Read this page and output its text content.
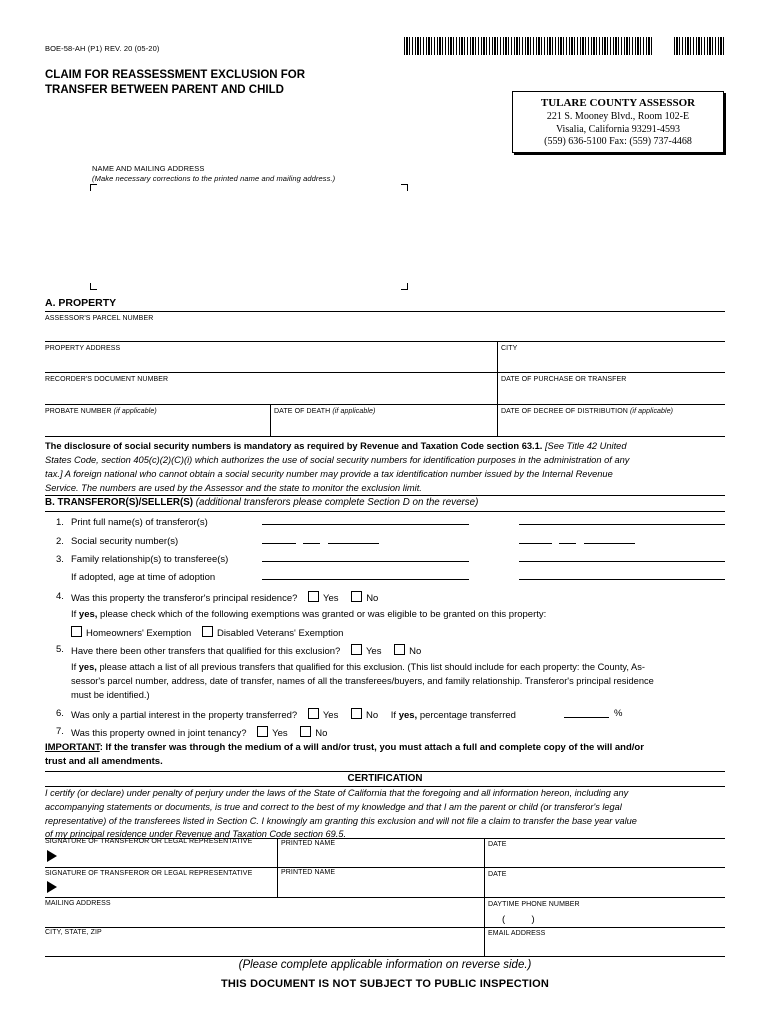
BOE-58-AH (P1) REV. 20 (05-20)
CLAIM FOR REASSESSMENT EXCLUSION FOR
TRANSFER BETWEEN PARENT AND CHILD
TULARE COUNTY ASSESSOR
221 S. Mooney Blvd., Room 102-E
Visalia, California 93291-4593
(559) 636-5100 Fax: (559) 737-4468
NAME AND MAILING ADDRESS
(Make necessary corrections to the printed name and mailing address.)
A. PROPERTY
ASSESSOR'S PARCEL NUMBER
PROPERTY ADDRESS	CITY
RECORDER'S DOCUMENT NUMBER	DATE OF PURCHASE OR TRANSFER
PROBATE NUMBER (if applicable)	DATE OF DEATH (if applicable)	DATE OF DECREE OF DISTRIBUTION (if applicable)
The disclosure of social security numbers is mandatory as required by Revenue and Taxation Code section 63.1. [See Title 42 United
States Code, section 405(c)(2)(C)(i) which authorizes the use of social security numbers for identification purposes in the administration of any
tax.] A foreign national who cannot obtain a social security number may provide a tax identification number issued by the Internal Revenue
Service. The numbers are used by the Assessor and the state to monitor the exclusion limit.
B. TRANSFEROR(S)/SELLER(S) (additional transferors please complete Section D on the reverse)
1. Print full name(s) of transferor(s)
2. Social security number(s)
3. Family relationship(s) to transferee(s)
If adopted, age at time of adoption
4. Was this property the transferor's principal residence?	Yes	No
If yes, please check which of the following exemptions was granted or was eligible to be granted on this property:
Homeowners' Exemption	Disabled Veterans' Exemption
5. Have there been other transfers that qualified for this exclusion?	Yes	No
If yes, please attach a list of all previous transfers that qualified for this exclusion. (This list should include for each property: the County, As-
sessor's parcel number, address, date of transfer, names of all the transferees/buyers, and family relationship. Transferor's principal residence
must be identified.)
6. Was only a partial interest in the property transferred?	Yes	No If yes, percentage transferred	%
7. Was this property owned in joint tenancy?	Yes	No
IMPORTANT: If the transfer was through the medium of a will and/or trust, you must attach a full and complete copy of the will and/or
trust and all amendments.
CERTIFICATION
I certify (or declare) under penalty of perjury under the laws of the State of California that the foregoing and all information hereon, including any
accompanying statements or documents, is true and correct to the best of my knowledge and that I am the parent or child (or transferor's legal
representative) of the transferees listed in Section C. I knowingly am granting this exclusion and will not file a claim to transfer the base year value
of my principal residence under Revenue and Taxation Code section 69.5.
SIGNATURE OF TRANSFEROR OR LEGAL REPRESENTATIVE	PRINTED NAME	DATE
SIGNATURE OF TRANSFEROR OR LEGAL REPRESENTATIVE	PRINTED NAME	DATE
MAILING ADDRESS	DAYTIME PHONE NUMBER
(          )
CITY, STATE, ZIP	EMAIL ADDRESS
(Please complete applicable information on reverse side.)
THIS DOCUMENT IS NOT SUBJECT TO PUBLIC INSPECTION
